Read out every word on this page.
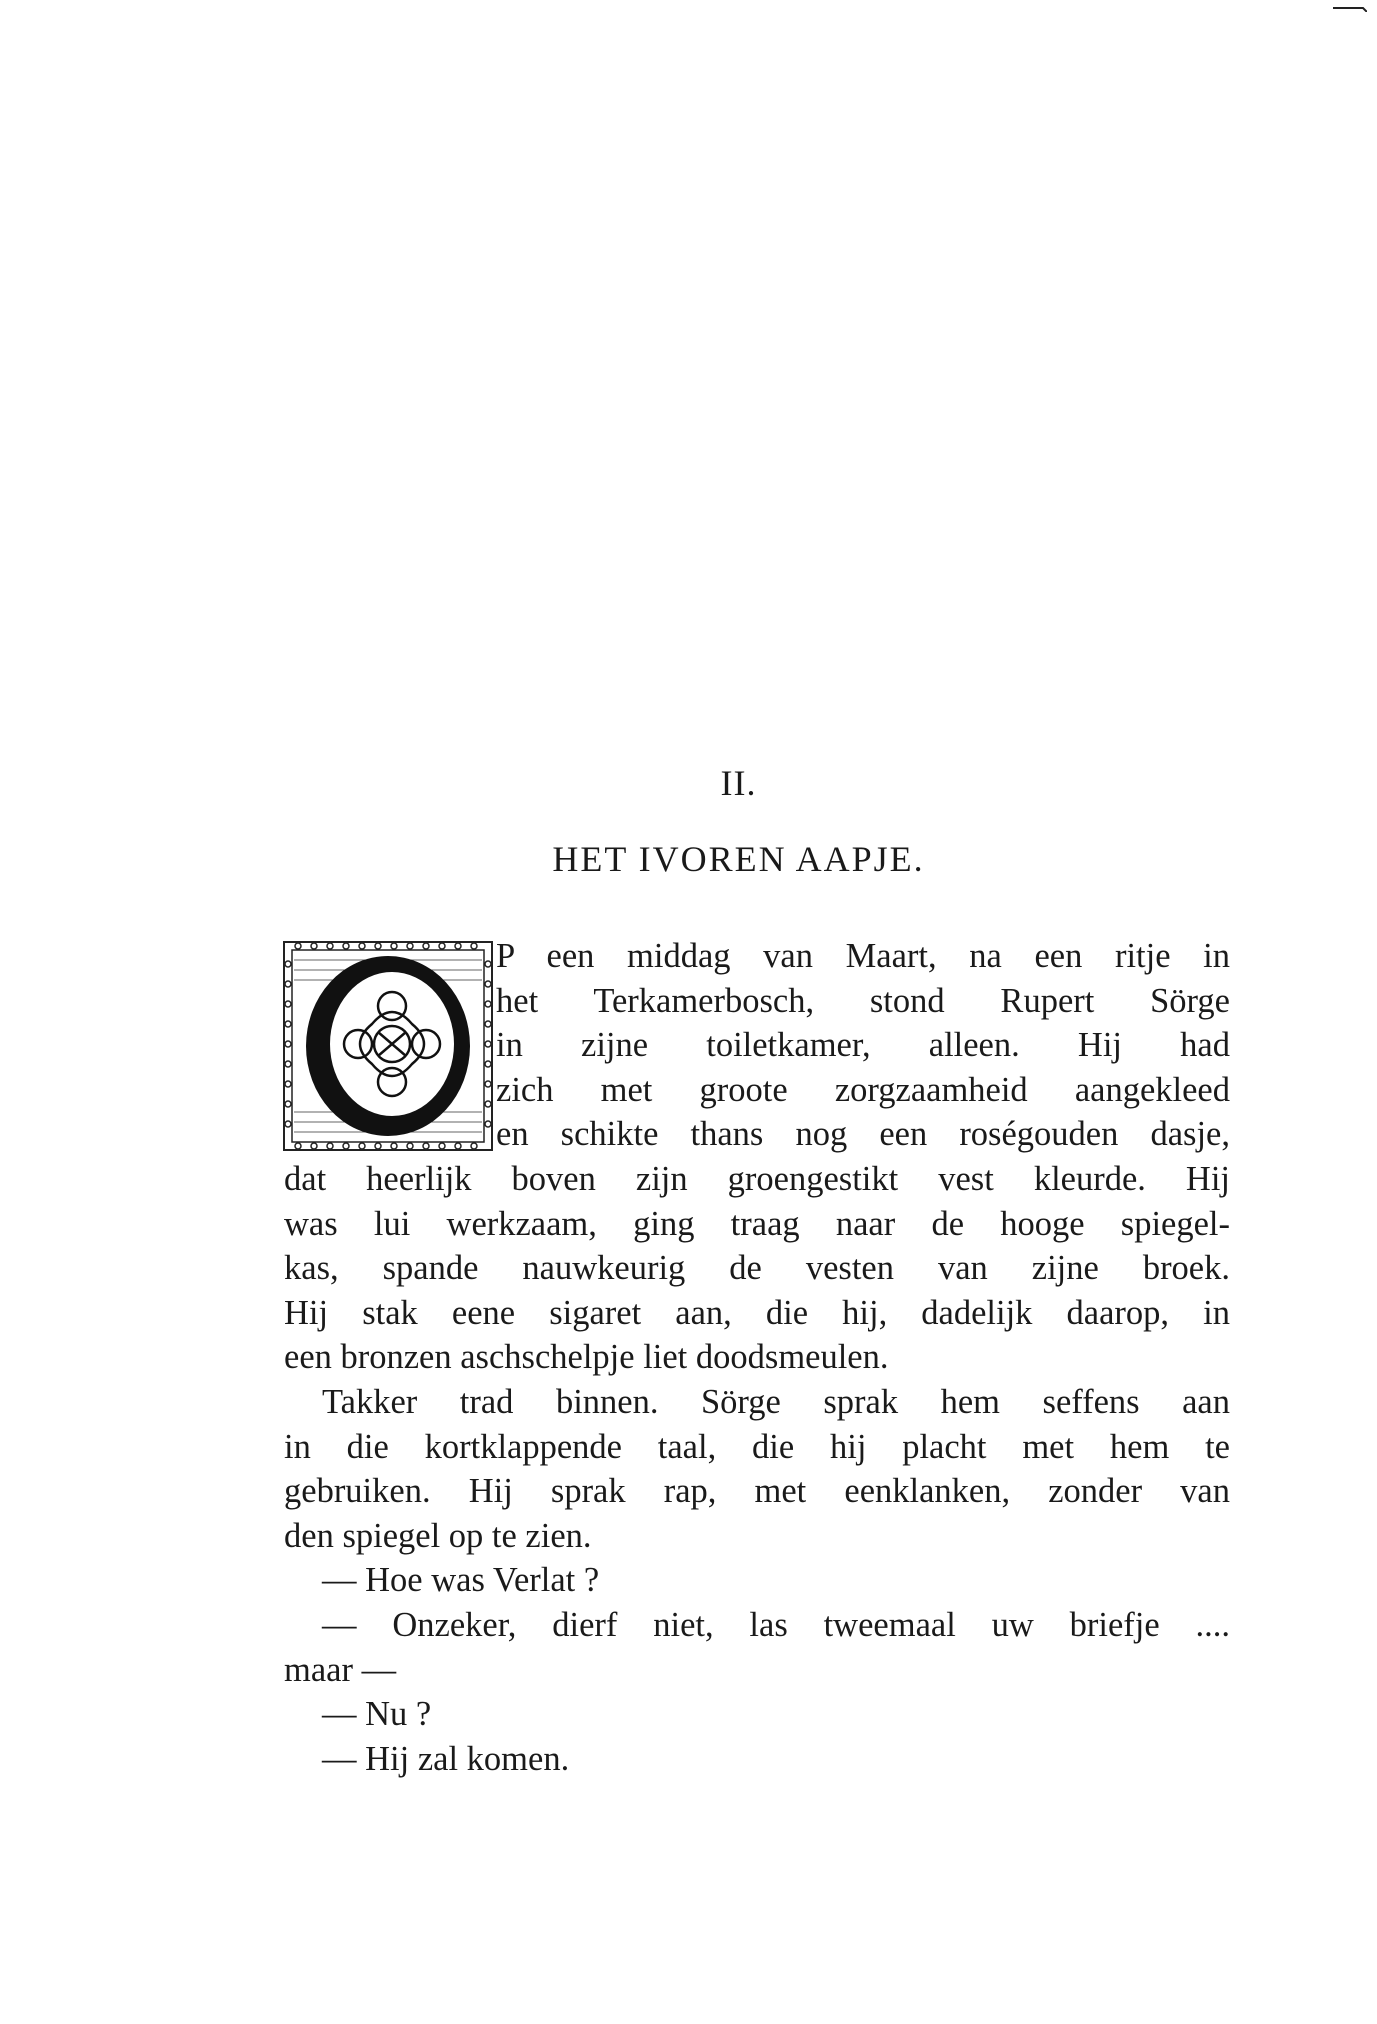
II.
HET IVOREN AAPJE.
P een middag van Maart, na een ritje in
het Terkamerbosch, stond Rupert Sörge
in zijne toiletkamer, alleen. Hij had
zich met groote zorgzaamheid aangekleed
en schikte thans nog een roségouden dasje,
dat heerlijk boven zijn groengestikt vest kleurde. Hij
was lui werkzaam, ging traag naar de hooge spiegel-
kas, spande nauwkeurig de vesten van zijne broek.
Hij stak eene sigaret aan, die hij, dadelijk daarop, in
een bronzen aschschelpje liet doodsmeulen.
Takker trad binnen. Sörge sprak hem seffens aan
in die kortklappende taal, die hij placht met hem te
gebruiken. Hij sprak rap, met eenklanken, zonder van
den spiegel op te zien.
— Hoe was Verlat ?
— Onzeker, dierf niet, las tweemaal uw briefje ....
maar —
— Nu ?
— Hij zal komen.
